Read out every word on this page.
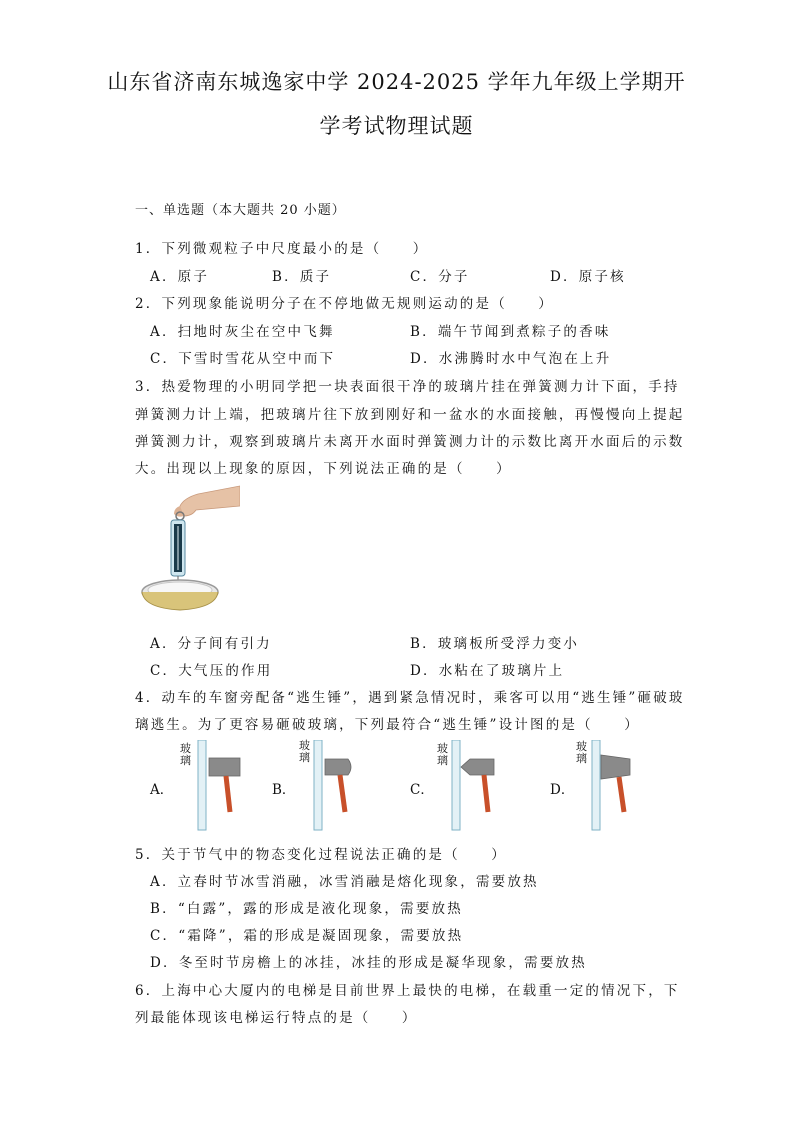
山东省济南东城逸家中学 2024-2025 学年九年级上学期开
学考试物理试题
一、单选题（本大题共 20 小题）
1．下列微观粒子中尺度最小的是（　　）
A．原子	B．质子	C．分子	D．原子核
2．下列现象能说明分子在不停地做无规则运动的是（　　）
A．扫地时灰尘在空中飞舞	B．端午节闻到煮粽子的香味
C．下雪时雪花从空中而下	D．水沸腾时水中气泡在上升
3．热爱物理的小明同学把一块表面很干净的玻璃片挂在弹簧测力计下面，手持
弹簧测力计上端，把玻璃片往下放到刚好和一盆水的水面接触，再慢慢向上提起
弹簧测力计，观察到玻璃片未离开水面时弹簧测力计的示数比离开水面后的示数
大。出现以上现象的原因，下列说法正确的是（　　）
A．分子间有引力	B．玻璃板所受浮力变小
C．大气压的作用	D．水粘在了玻璃片上
4．动车的车窗旁配备“逃生锤”，遇到紧急情况时，乘客可以用“逃生锤”砸破玻
璃逃生。为了更容易砸破玻璃，下列最符合“逃生锤”设计图的是（　　）
A．
玻璃
B．
玻璃
C．
玻璃
D．
玻璃
5．关于节气中的物态变化过程说法正确的是（　　）
A．立春时节冰雪消融，冰雪消融是熔化现象，需要放热
B．“白露”，露的形成是液化现象，需要放热
C．“霜降”，霜的形成是凝固现象，需要放热
D．冬至时节房檐上的冰挂，冰挂的形成是凝华现象，需要放热
6．上海中心大厦内的电梯是目前世界上最快的电梯，在载重一定的情况下，下
列最能体现该电梯运行特点的是（　　）
